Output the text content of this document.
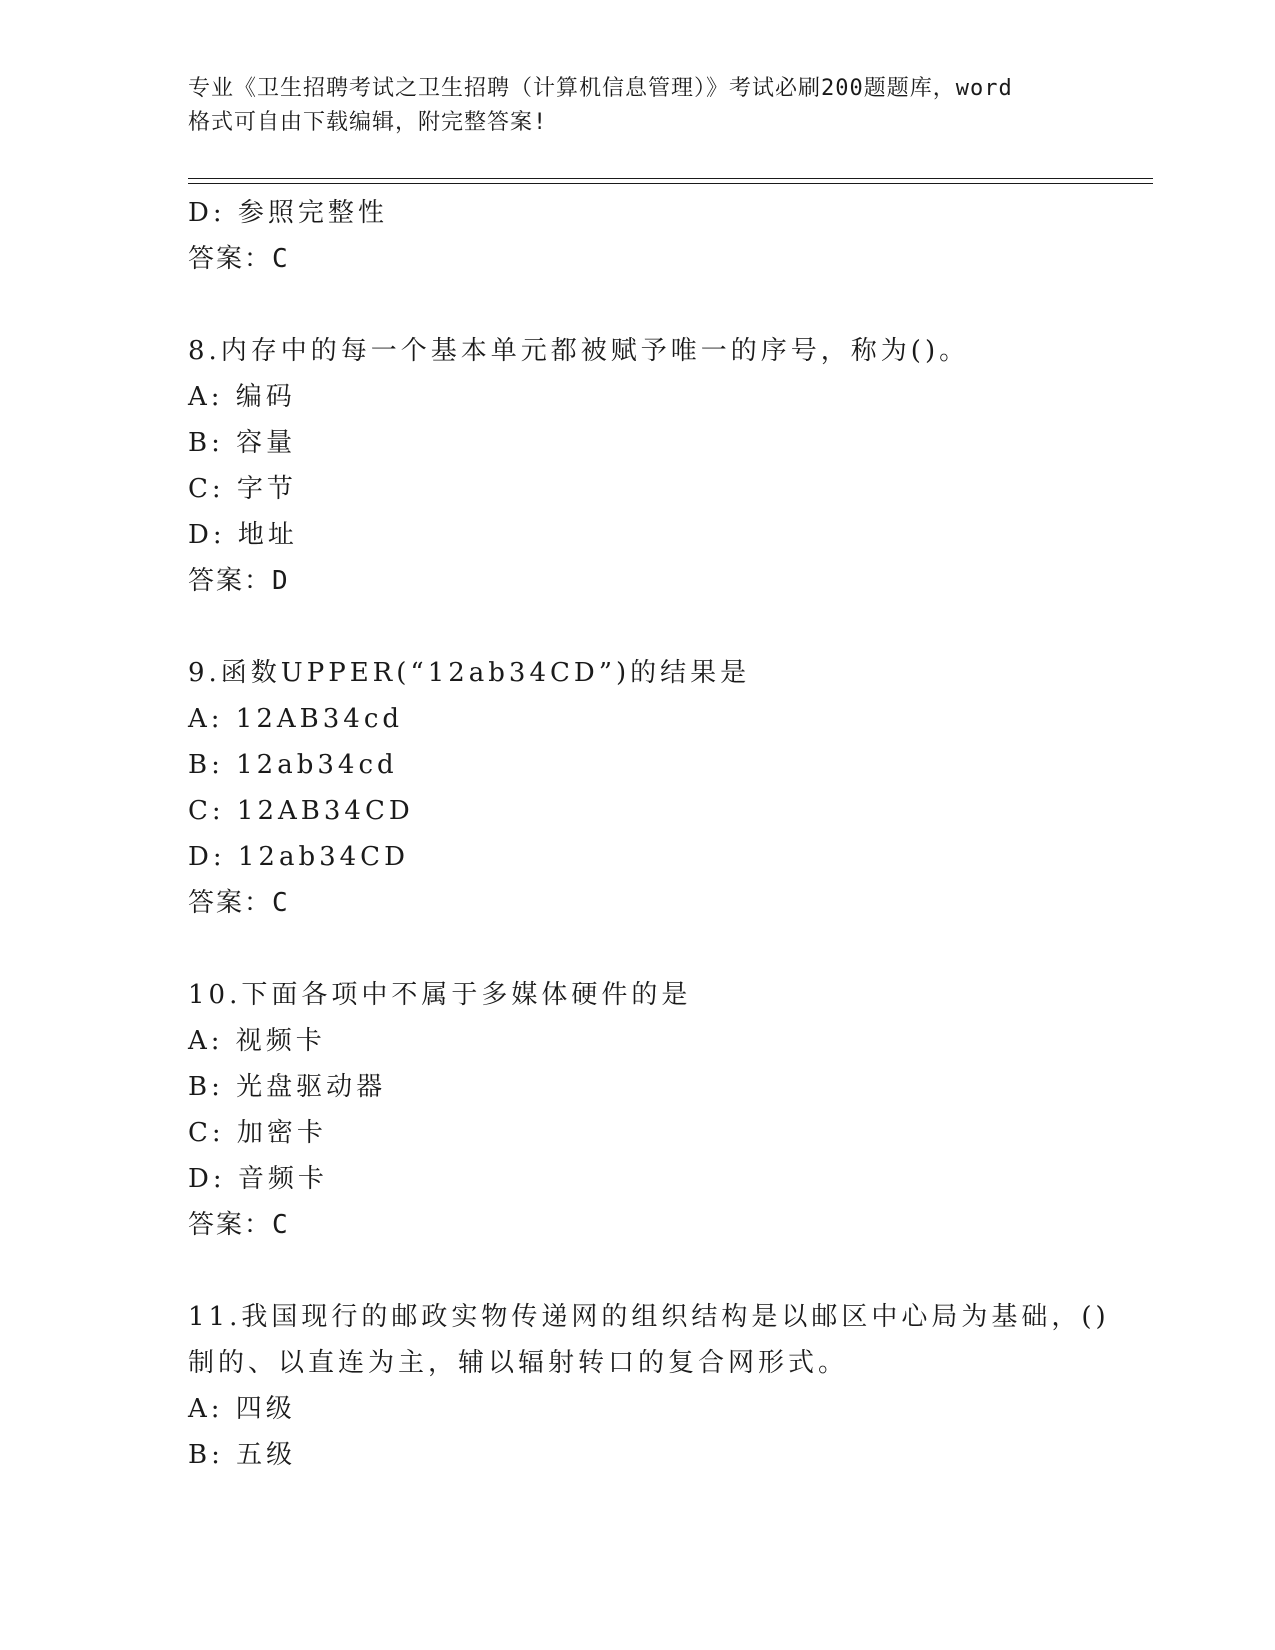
专业《卫生招聘考试之卫生招聘（计算机信息管理）》考试必刷200题题库，word
格式可自由下载编辑，附完整答案!
D: 参照完整性
答案：C
8.内存中的每一个基本单元都被赋予唯一的序号，称为()。
A: 编码
B: 容量
C: 字节
D: 地址
答案：D
9.函数UPPER(“12ab34CD”)的结果是
A: 12AB34cd
B: 12ab34cd
C: 12AB34CD
D: 12ab34CD
答案：C
10.下面各项中不属于多媒体硬件的是
A: 视频卡
B: 光盘驱动器
C: 加密卡
D: 音频卡
答案：C
11.我国现行的邮政实物传递网的组织结构是以邮区中心局为基础，()
制的、以直连为主，辅以辐射转口的复合网形式。
A: 四级
B: 五级
